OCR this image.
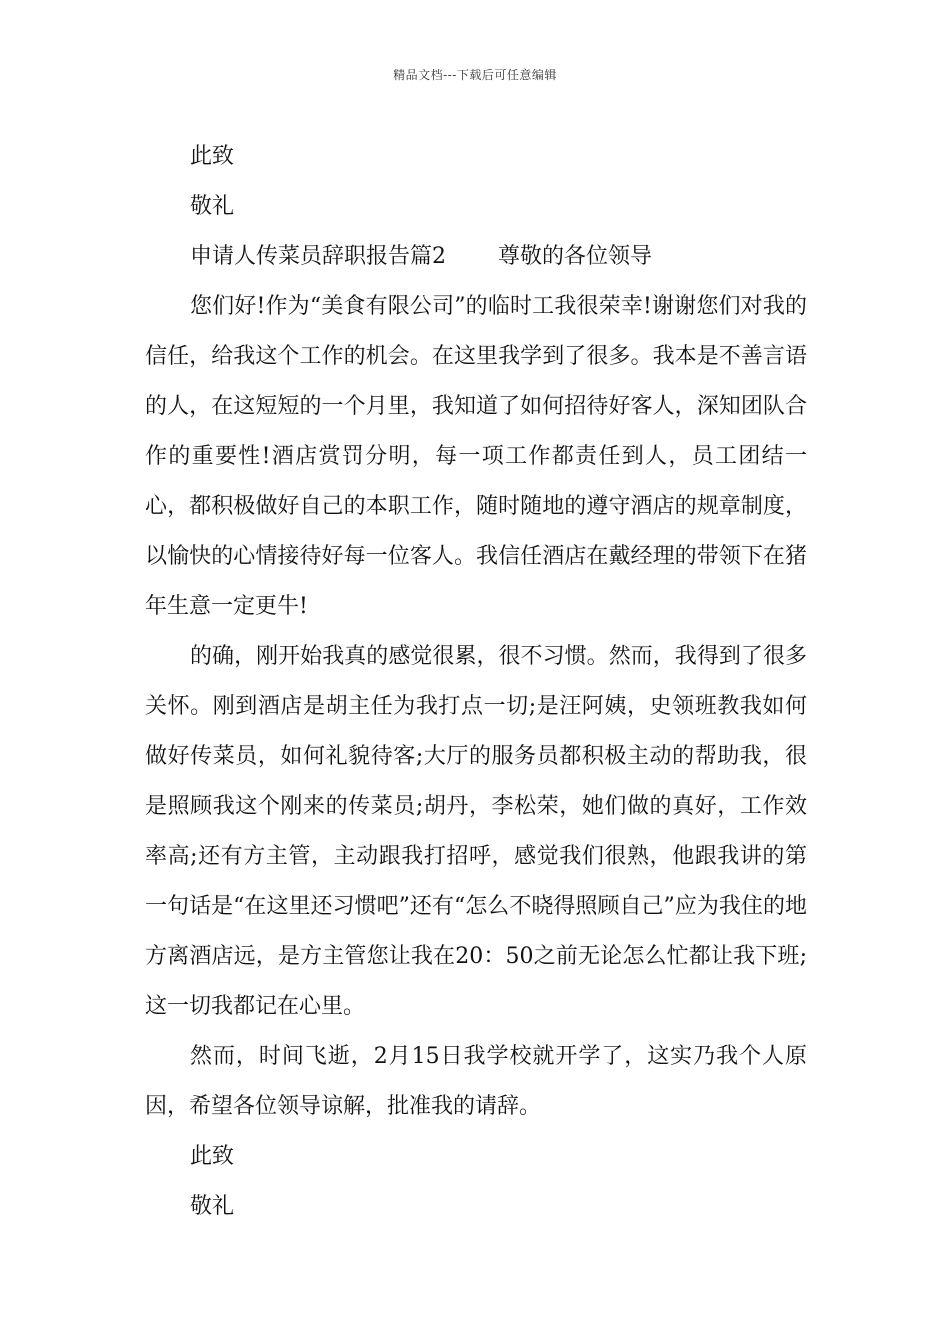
精品文档---下载后可任意编辑
此致
敬礼
申请人传菜员辞职报告篇2 尊敬的各位领导

您们好!作为“美食有限公司”的临时工我很荣幸!谢谢您们对我的信任，给我这个工作的机会。在这里我学到了很多。我本是不善言语的人，在这短短的一个月里，我知道了如何招待好客人，深知团队合作的重要性!酒店赏罚分明，每一项工作都责任到人，员工团结一心，都积极做好自己的本职工作，随时随地的遵守酒店的规章制度，以愉快的心情接待好每一位客人。我信任酒店在戴经理的带领下在猪年生意一定更牛!

的确，刚开始我真的感觉很累，很不习惯。然而，我得到了很多关怀。刚到酒店是胡主任为我打点一切;是汪阿姨，史领班教我如何做好传菜员，如何礼貌待客;大厅的服务员都积极主动的帮助我，很是照顾我这个刚来的传菜员;胡丹，李松荣，她们做的真好，工作效率高;还有方主管，主动跟我打招呼，感觉我们很熟，他跟我讲的第一句话是“在这里还习惯吧”还有“怎么不晓得照顾自己”应为我住的地方离酒店远，是方主管您让我在20：50之前无论怎么忙都让我下班;这一切我都记在心里。

然而，时间飞逝，2月15日我学校就开学了，这实乃我个人原因，希望各位领导谅解，批准我的请辞。

此致
敬礼
